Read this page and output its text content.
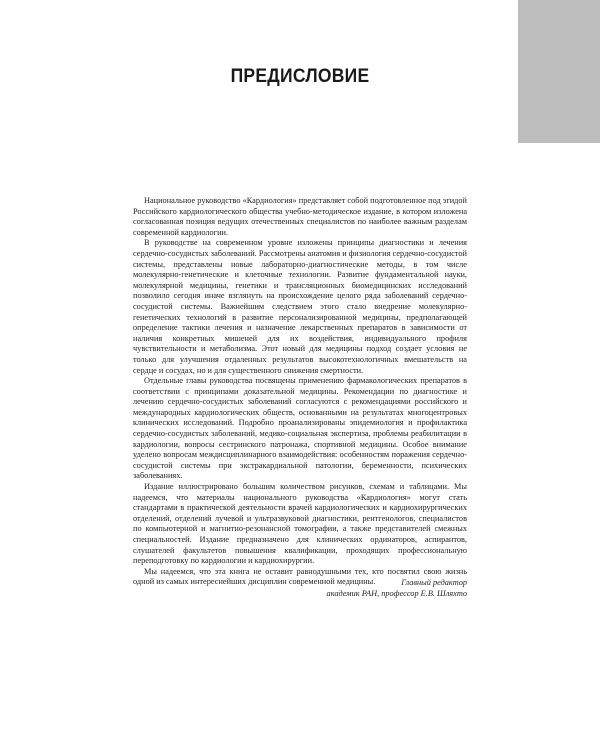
ПРЕДИСЛОВИЕ

Национальное руководство «Кардиология» представляет собой подготовленное под эгидой Российского кардиологического общества учебно-методическое издание, в котором изложена согласованная позиция ведущих отечественных специалистов по наиболее важным разделам современной кардиологии.

В руководстве на современном уровне изложены принципы диагностики и лечения сердечно-сосудистых заболеваний. Рассмотрены анатомия и физиология сердечно-сосудистой системы, представлены новые лабораторно-диагностические методы, в том числе молекулярно-генетические и клеточные технологии. Развитие фундаментальной науки, молекулярной медицины, генетики и трансляционных биомедицинских исследований позволило сегодня иначе взглянуть на происхождение целого ряда заболеваний сердечно-сосудистой системы. Важнейшим следствием этого стало внедрение молекулярно-генетических технологий в развитие персонализированной медицины, предполагающей определение тактики лечения и назначение лекарственных препаратов в зависимости от наличия конкретных мишеней для их воздействия, индивидуального профиля чувствительности и метаболизма. Этот новый для медицины подход создает условия не только для улучшения отдаленных результатов высокотехнологичных вмешательств на сердце и сосудах, но и для существенного снижения смертности.

Отдельные главы руководства посвящены применению фармакологических препаратов в соответствии с принципами доказательной медицины. Рекомендации по диагностике и лечению сердечно-сосудистых заболеваний согласуются с рекомендациями российского и международных кардиологических обществ, основанными на результатах многоцентровых клинических исследований. Подробно проанализированы эпидемиология и профилактика сердечно-сосудистых заболеваний, медико-социальная экспертиза, проблемы реабилитации в кардиологии, вопросы сестринского патронажа, спортивной медицины. Особое внимание уделено вопросам междисциплинарного взаимодействия: особенностям поражения сердечно-сосудистой системы при экстракардиальной патологии, беременности, психических заболеваниях.

Издание иллюстрировано большим количеством рисунков, схемам и таблицами. Мы надеемся, что материалы национального руководства «Кардиология» могут стать стандартами в практической деятельности врачей кардиологических и кардиохирургических отделений, отделений лучевой и ультразвуковой диагностики, рентгенологов, специалистов по компьютерной и магнитно-резонансной томографии, а также представителей смежных специальностей. Издание предназначено для клинических ординаторов, аспирантов, слушателей факультетов повышения квалификации, проходящих профессиональную переподготовку по кардиологии и кардиохирургии.

Мы надеемся, что эта книга не оставит равнодушными тех, кто посвятил свою жизнь одной из самых интереснейших дисциплин современной медицины.	Главный редактор
академик РАН, профессор Е.В. Шляхто
